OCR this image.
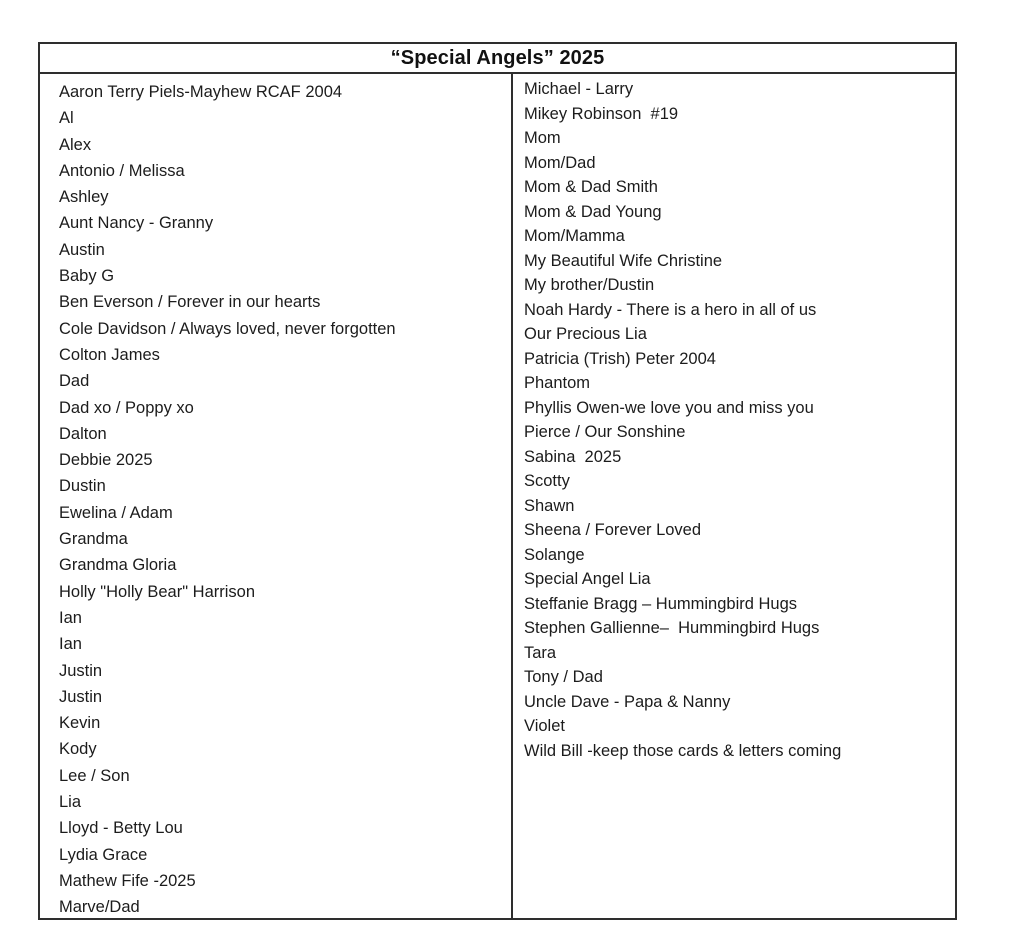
“Special Angels” 2025
Aaron Terry Piels-Mayhew RCAF 2004
Al
Alex
Antonio / Melissa
Ashley
Aunt Nancy - Granny
Austin
Baby G
Ben Everson / Forever in our hearts
Cole Davidson / Always loved, never forgotten
Colton James
Dad
Dad xo / Poppy xo
Dalton
Debbie 2025
Dustin
Ewelina / Adam
Grandma
Grandma Gloria
Holly "Holly Bear" Harrison
Ian
Ian
Justin
Justin
Kevin
Kody
Lee / Son
Lia
Lloyd - Betty Lou
Lydia Grace
Mathew Fife -2025
Marve/Dad
Michael - Larry
Mikey Robinson  #19
Mom
Mom/Dad
Mom & Dad Smith
Mom & Dad Young
Mom/Mamma
My Beautiful Wife Christine
My brother/Dustin
Noah Hardy - There is a hero in all of us
Our Precious Lia
Patricia (Trish) Peter 2004
Phantom
Phyllis Owen-we love you and miss you
Pierce / Our Sonshine
Sabina  2025
Scotty
Shawn
Sheena / Forever Loved
Solange
Special Angel Lia
Steffanie Bragg – Hummingbird Hugs
Stephen Gallienne–  Hummingbird Hugs
Tara
Tony / Dad
Uncle Dave - Papa & Nanny
Violet
Wild Bill -keep those cards & letters coming
